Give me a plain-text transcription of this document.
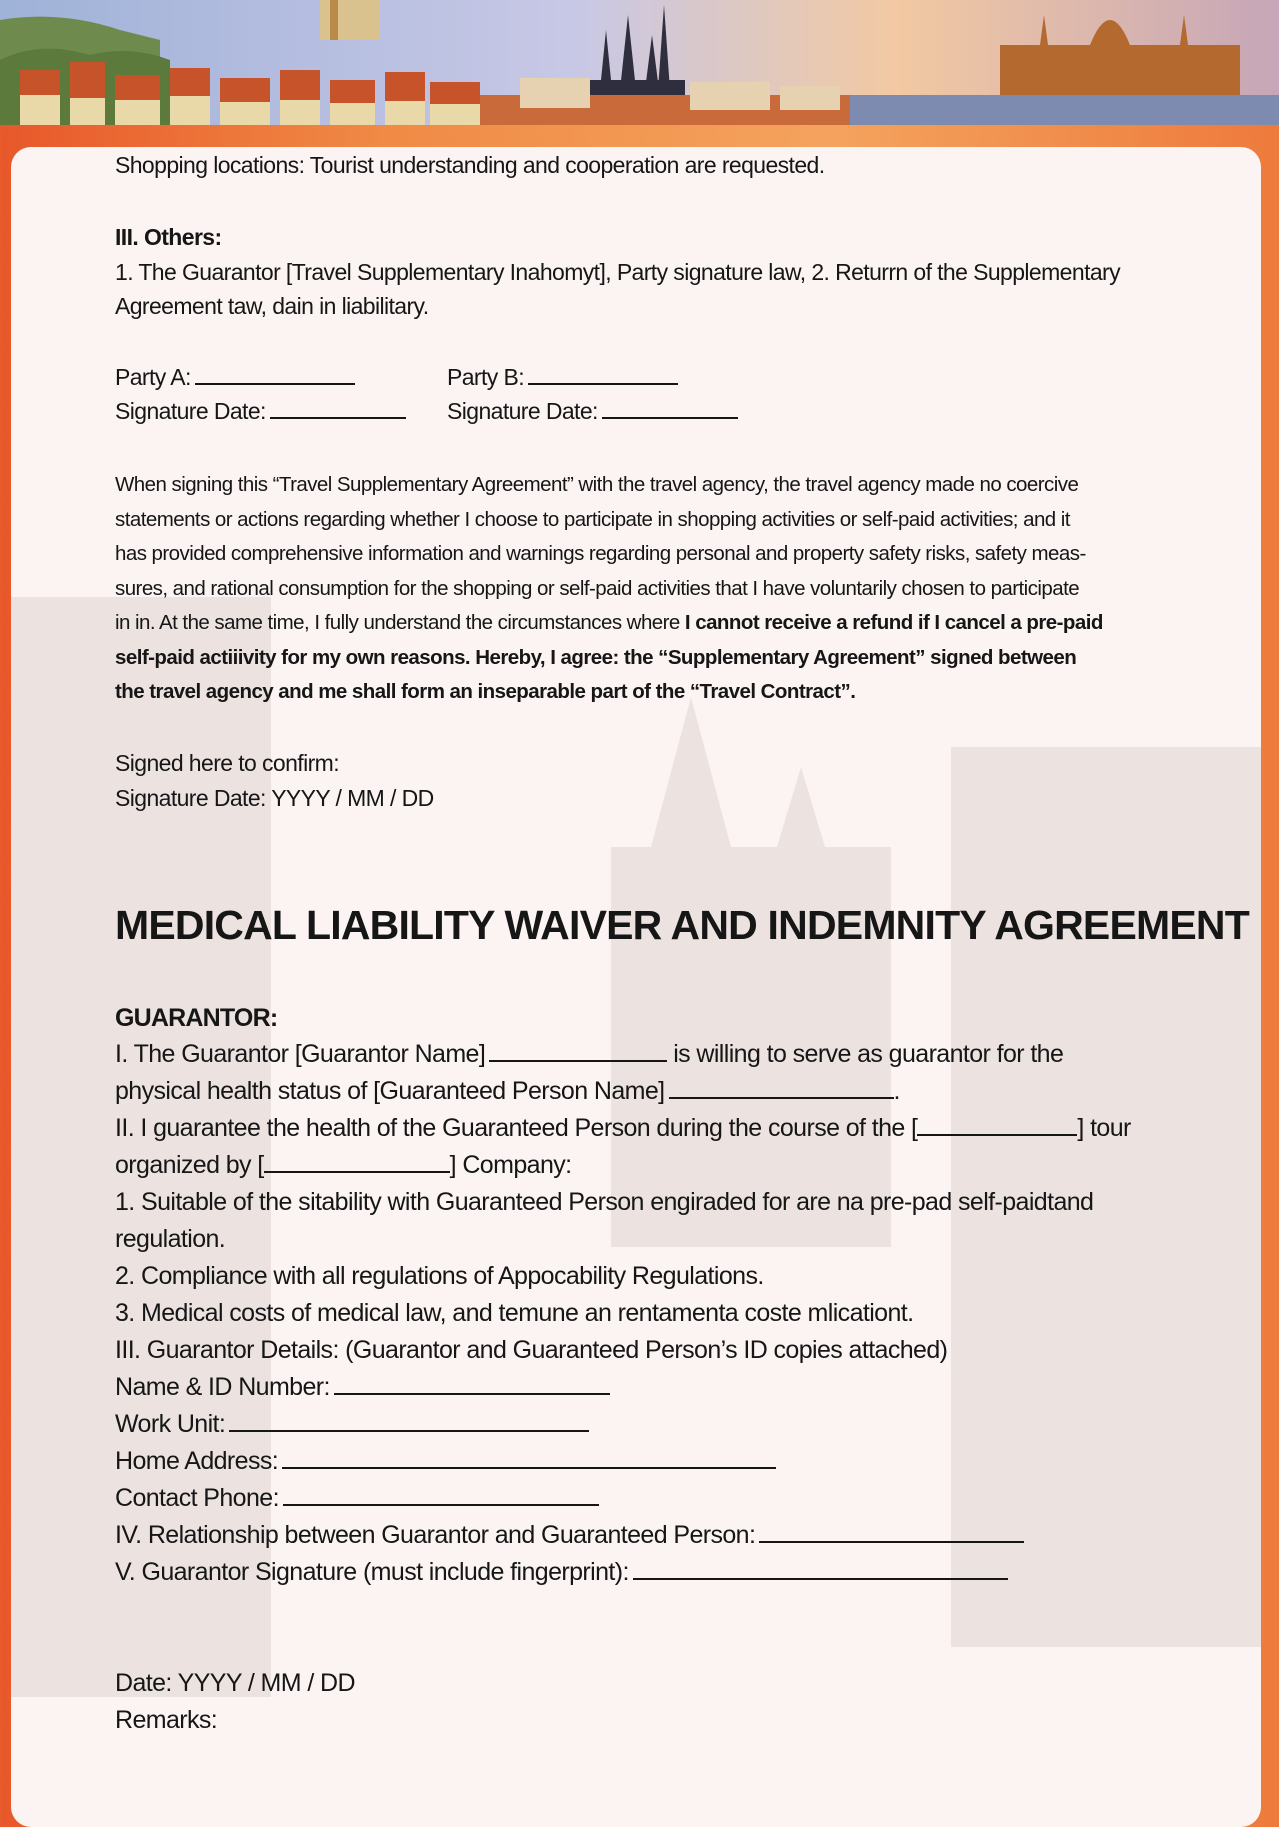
Shopping locations: Tourist understanding and cooperation are requested.

III. Others:

1. The Guarantor [Travel Supplementary Inahomyt], Party signature law, 2. Returrn of the Supplementary

Agreement taw, dain in liabilitary.

Party A:	Party B:

Signature Date:	Signature Date:

When signing this “Travel Supplementary Agreement” with the travel agency, the travel agency made no coercive
statements or actions regarding whether I choose to participate in shopping activities or self-paid activities; and it
has provided comprehensive information and warnings regarding personal and property safety risks, safety meas-
sures, and rational consumption for the shopping or self-paid activities that I have voluntarily chosen to participate
in in. At the same time, I fully understand the circumstances where I cannot receive a refund if I cancel a pre-paid
self-paid actiiivity for my own reasons. Hereby, I agree: the “Supplementary Agreement” signed between
the travel agency and me shall form an inseparable part of the “Travel Contract”.

Signed here to confirm:

Signature Date: YYYY / MM / DD

MEDICAL LIABILITY WAIVER AND INDEMNITY AGREEMENT

GUARANTOR:

I. The Guarantor [Guarantor Name]	is willing to serve as guarantor for the

physical health status of [Guaranteed Person Name]	.

II. I guarantee the health of the Guaranteed Person during the course of the [	] tour

organized by [	] Company:

1. Suitable of the sitability with Guaranteed Person engiraded for are na pre-pad self-paidtand

regulation.

2. Compliance with all regulations of Appocability Regulations.

3. Medical costs of medical law, and temune an rentamenta coste mlicationt.

III. Guarantor Details: (Guarantor and Guaranteed Person’s ID copies attached)

Name & ID Number:

Work Unit:

Home Address:

Contact Phone:

IV. Relationship between Guarantor and Guaranteed Person:

V. Guarantor Signature (must include fingerprint):

Date: YYYY / MM / DD

Remarks:
